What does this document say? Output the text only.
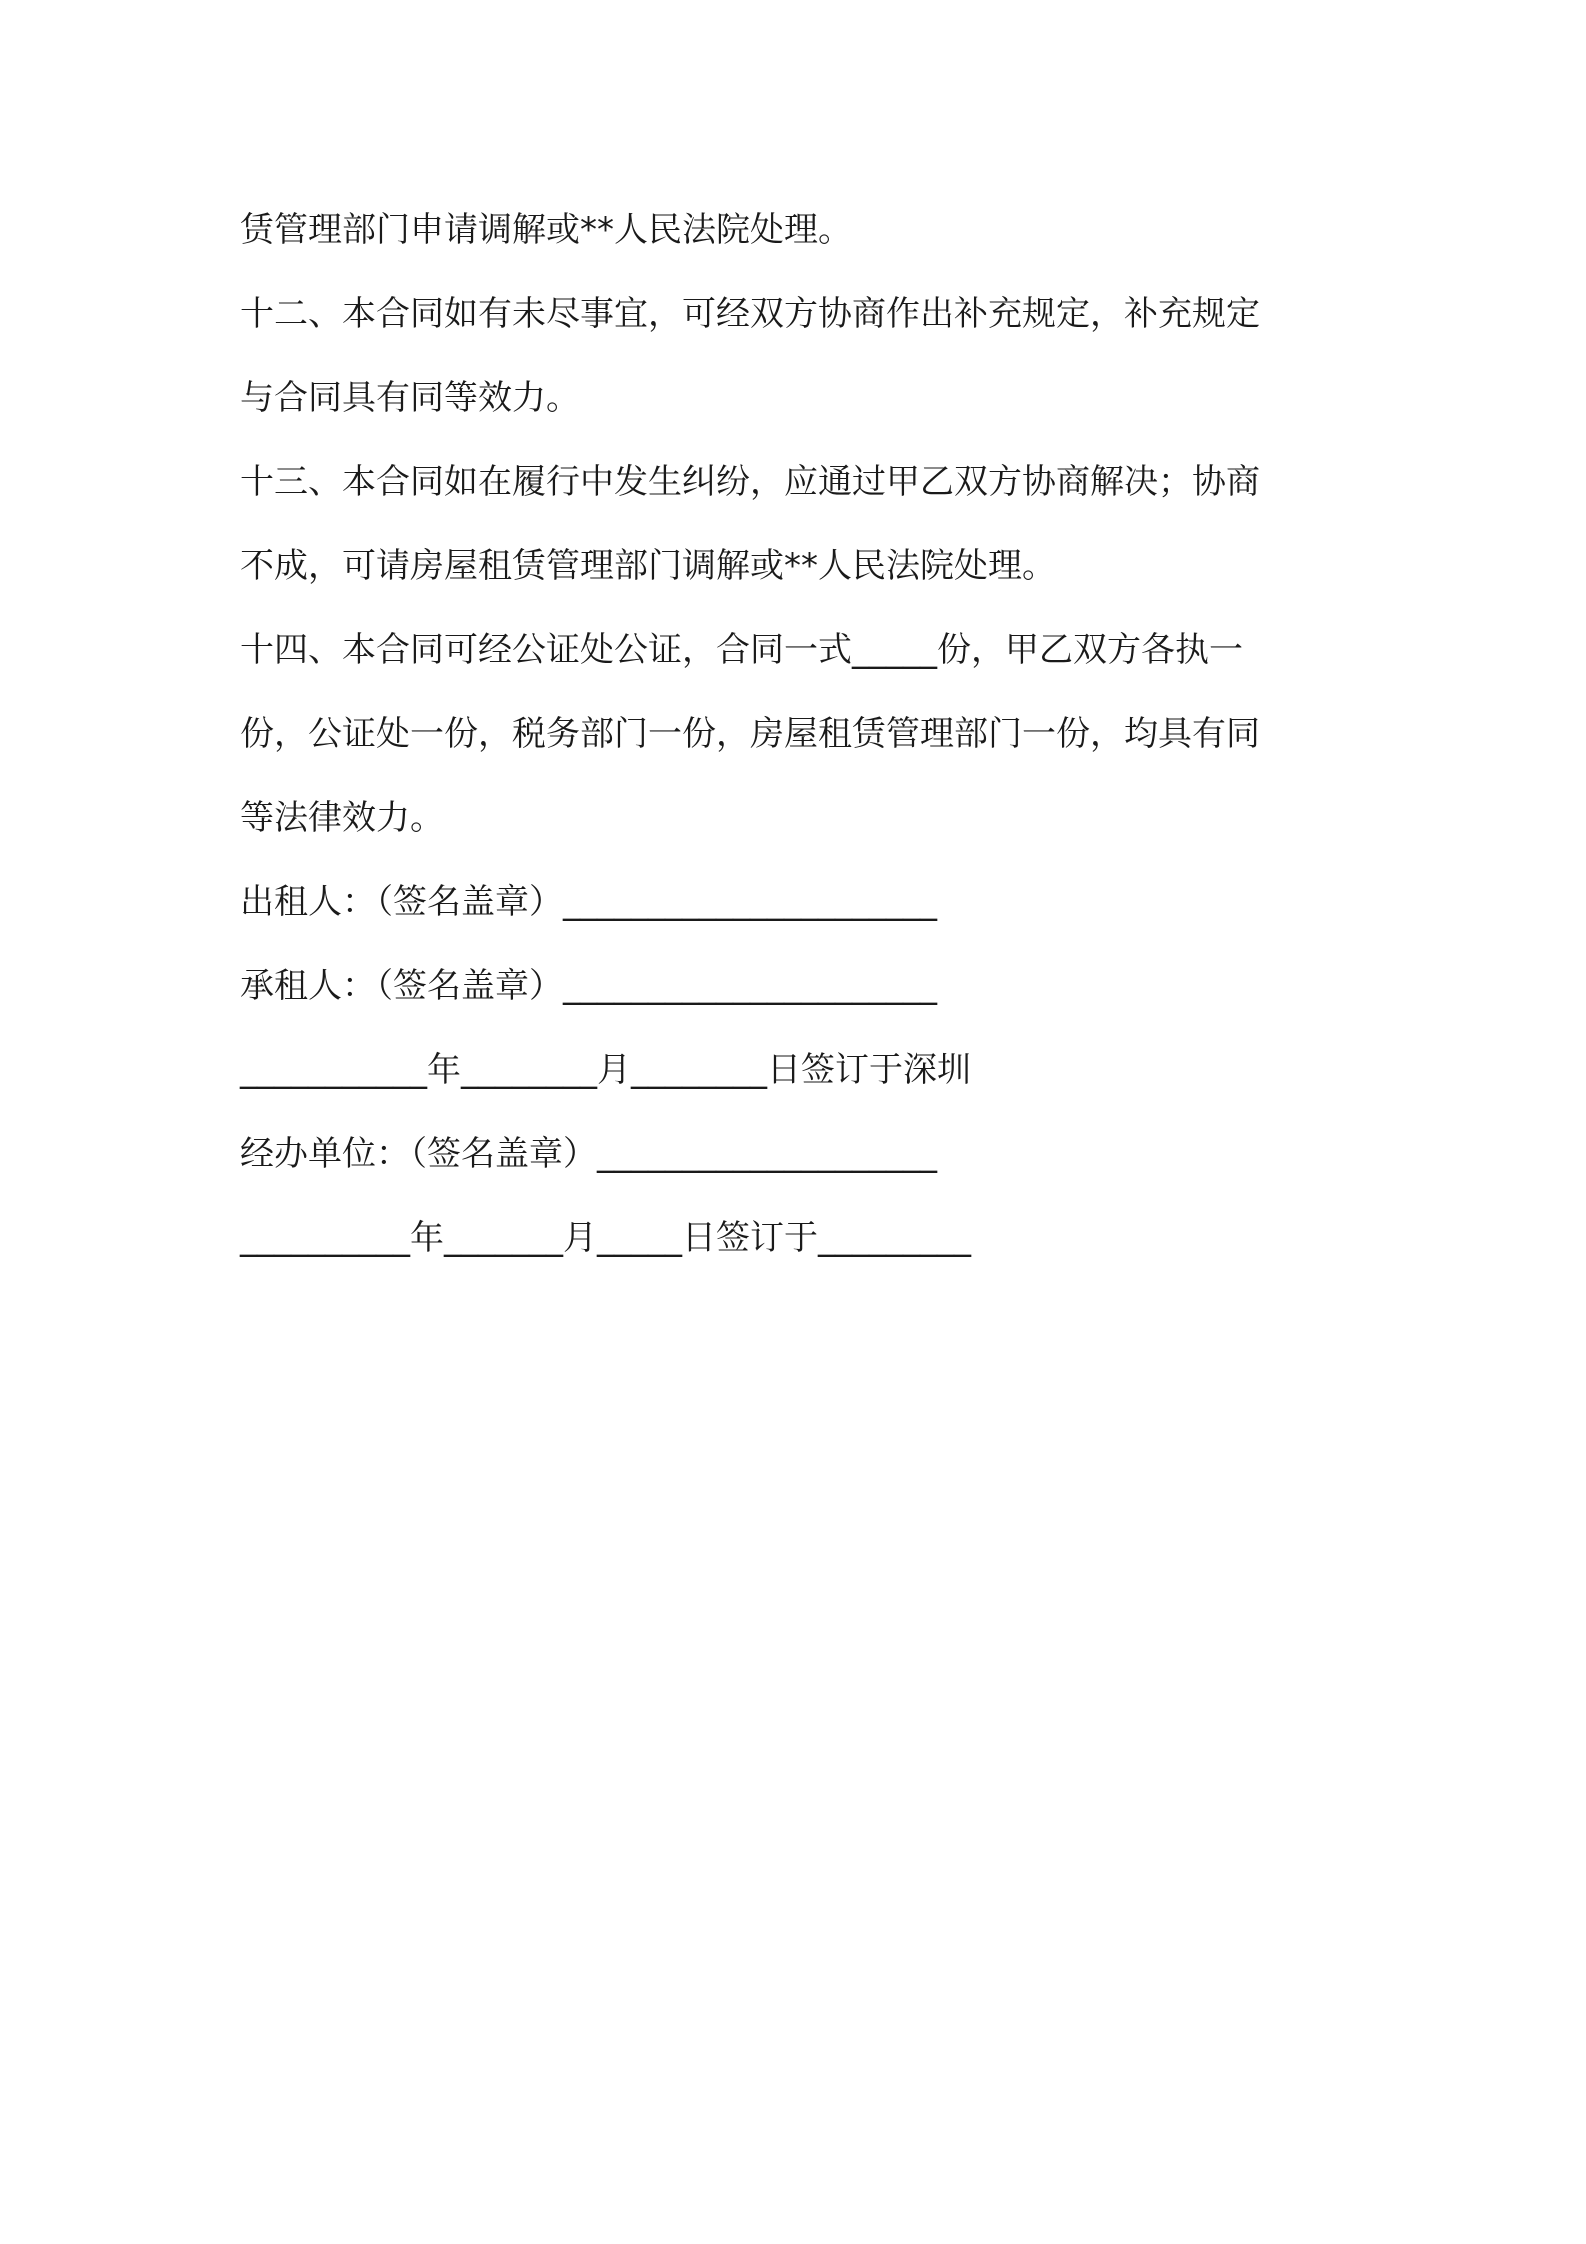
赁管理部门申请调解或**人民法院处理。
十二、本合同如有未尽事宜，可经双方协商作出补充规定，补充规定
与合同具有同等效力。
十三、本合同如在履行中发生纠纷，应通过甲乙双方协商解决；协商
不成，可请房屋租赁管理部门调解或**人民法院处理。
十四、本合同可经公证处公证，合同一式_____份，甲乙双方各执一
份，公证处一份，税务部门一份，房屋租赁管理部门一份，均具有同
等法律效力。
出租人：（签名盖章）______________________
承租人：（签名盖章）______________________
___________年________月________日签订于深圳
经办单位：（签名盖章）____________________
__________年_______月_____日签订于_________
